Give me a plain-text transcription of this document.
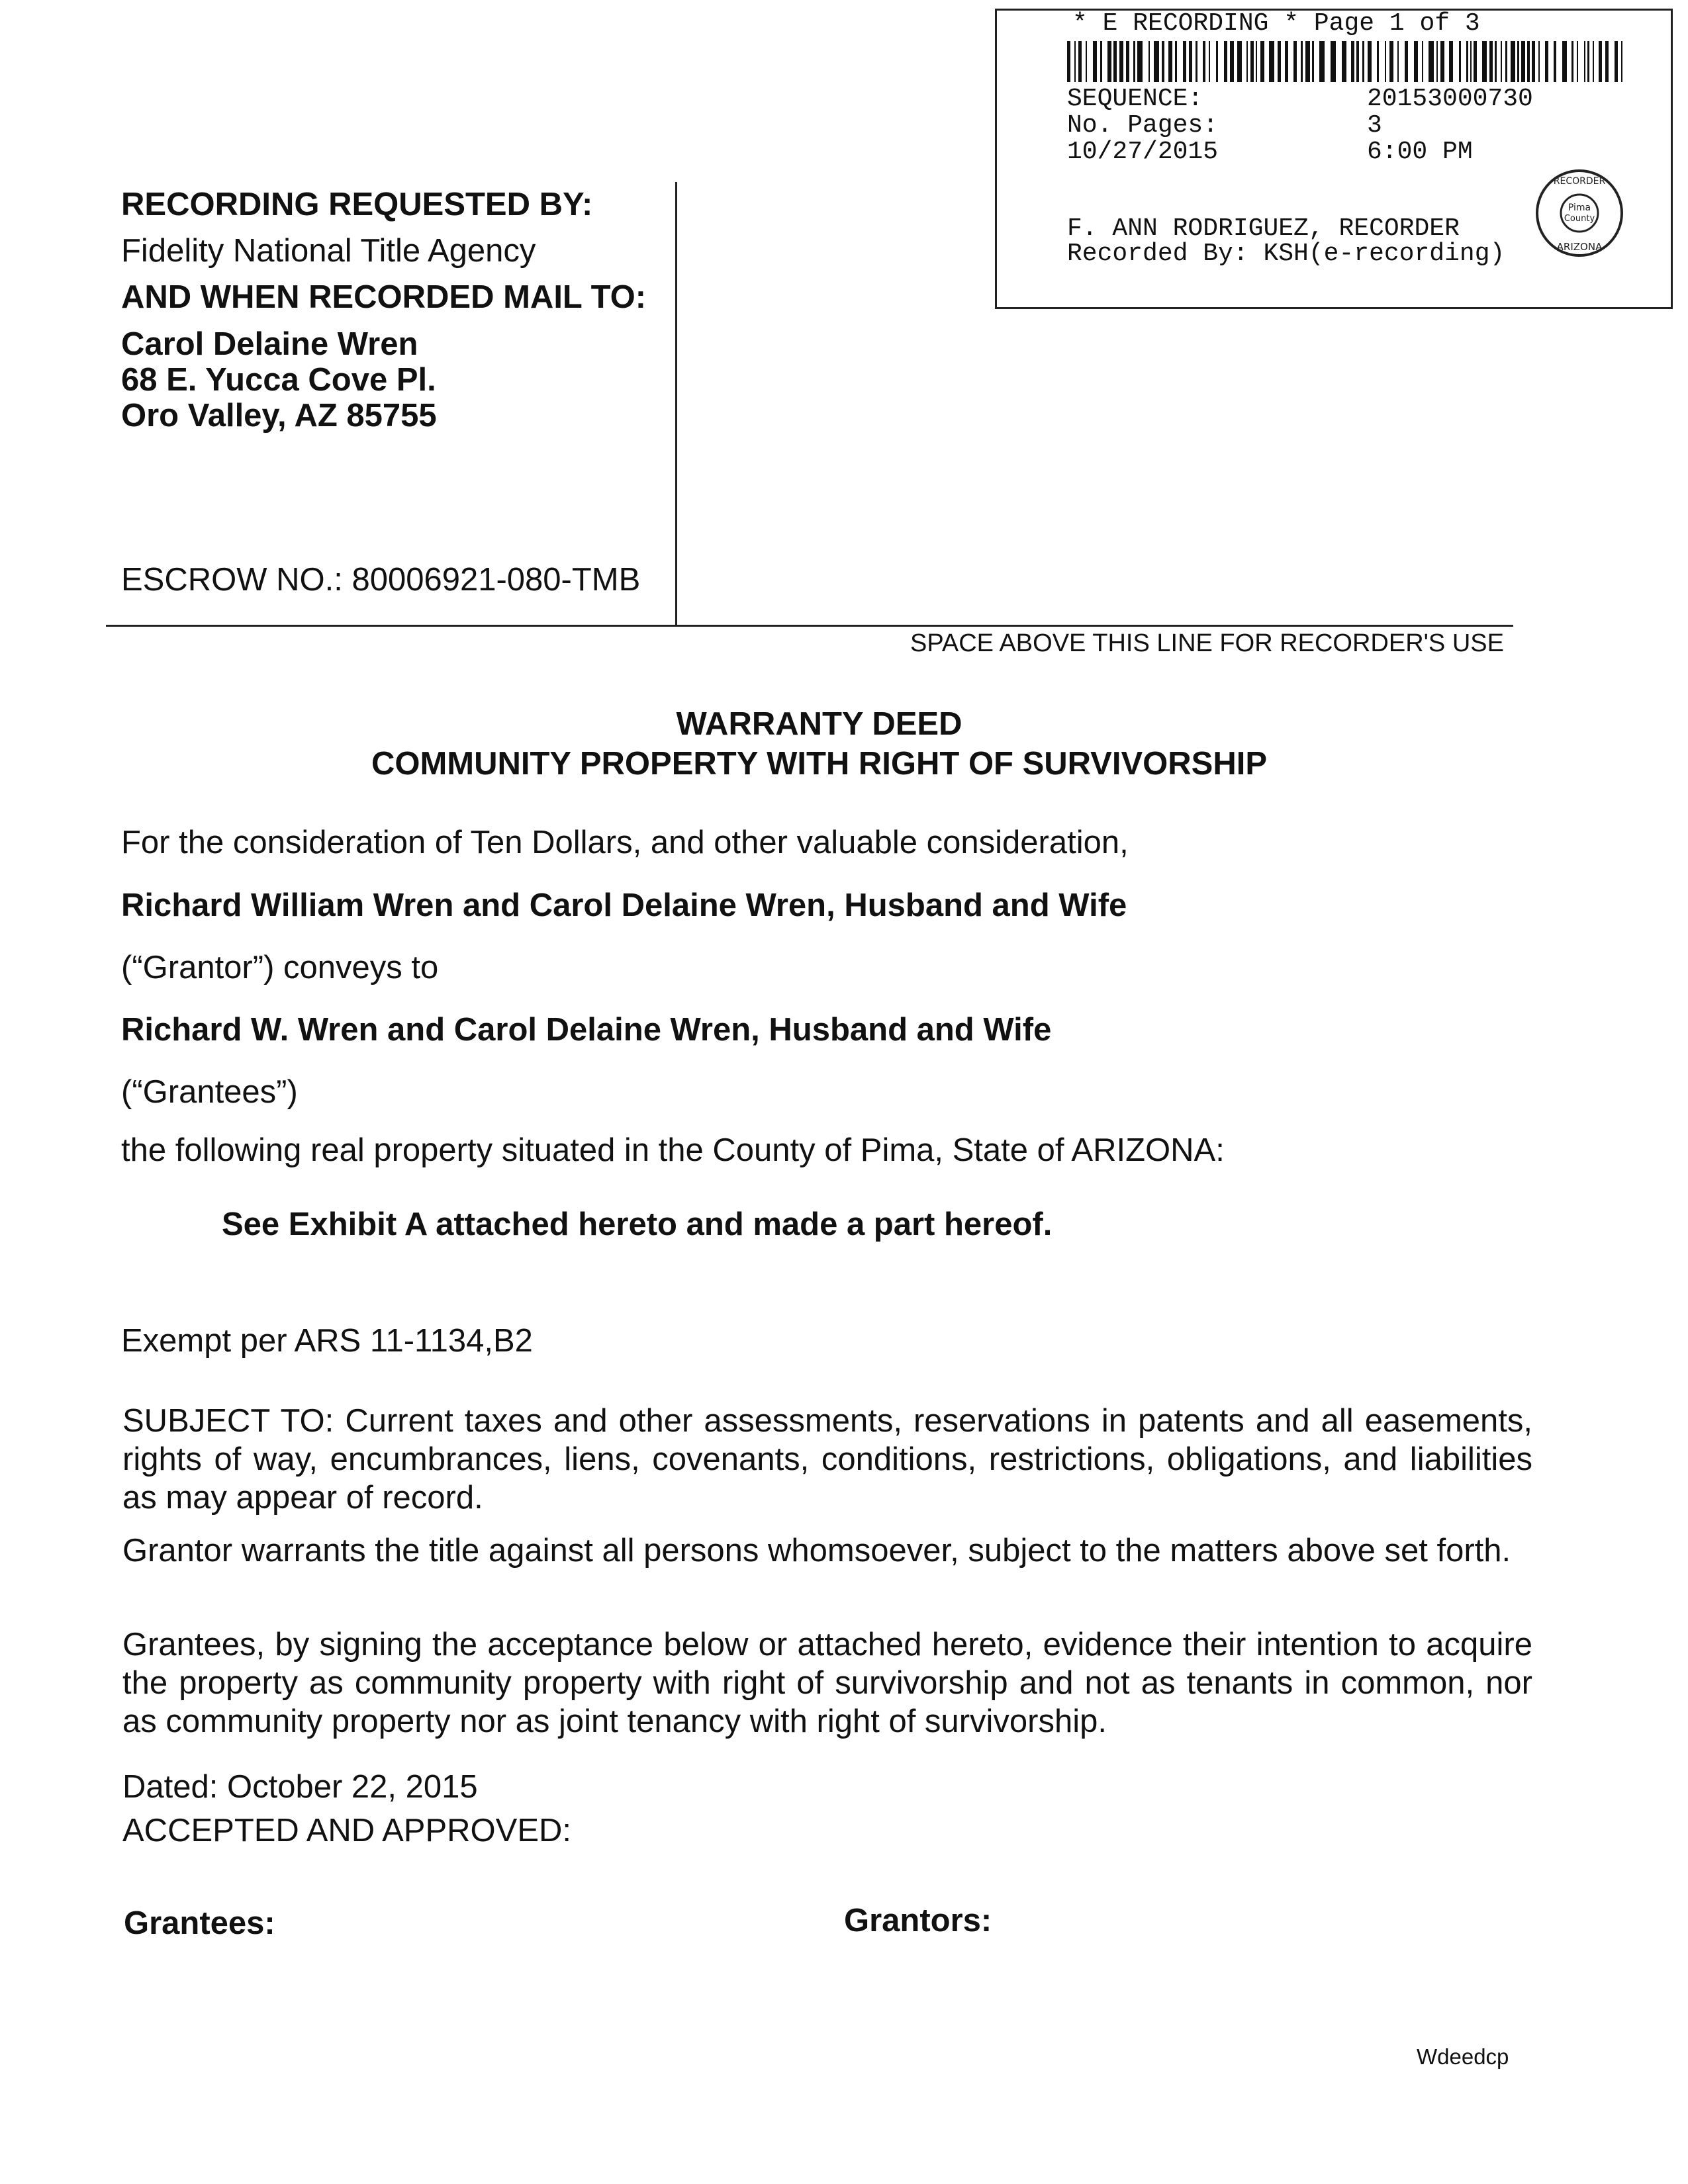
* E RECORDING * Page 1 of 3
SEQUENCE:	20153000730
No. Pages:	3
10/27/2015	6:00 PM
F. ANN RODRIGUEZ, RECORDER
Recorded By: KSH(e-recording)
Pima
County
RECORDER
ARIZONA
RECORDING REQUESTED BY:
Fidelity National Title Agency
AND WHEN RECORDED MAIL TO:
Carol Delaine Wren
68 E. Yucca Cove Pl.
Oro Valley, AZ 85755
ESCROW NO.: 80006921-080-TMB
SPACE ABOVE THIS LINE FOR RECORDER'S USE
WARRANTY DEED
COMMUNITY PROPERTY WITH RIGHT OF SURVIVORSHIP
For the consideration of Ten Dollars, and other valuable consideration,
Richard William Wren and Carol Delaine Wren, Husband and Wife
(“Grantor”) conveys to
Richard W. Wren and Carol Delaine Wren, Husband and Wife
(“Grantees”)
the following real property situated in the County of Pima, State of ARIZONA:
See Exhibit A attached hereto and made a part hereof.
Exempt per ARS 11-1134,B2
SUBJECT TO: Current taxes and other assessments, reservations in patents and all easements, rights of way, encumbrances, liens, covenants, conditions, restrictions, obligations, and liabilities as may appear of record.
Grantor warrants the title against all persons whomsoever, subject to the matters above set forth.
Grantees, by signing the acceptance below or attached hereto, evidence their intention to acquire the property as community property with right of survivorship and not as tenants in common, nor as community property nor as joint tenancy with right of survivorship.
Dated: October 22, 2015
ACCEPTED AND APPROVED:
Grantees:	Grantors:
Wdeedcp
